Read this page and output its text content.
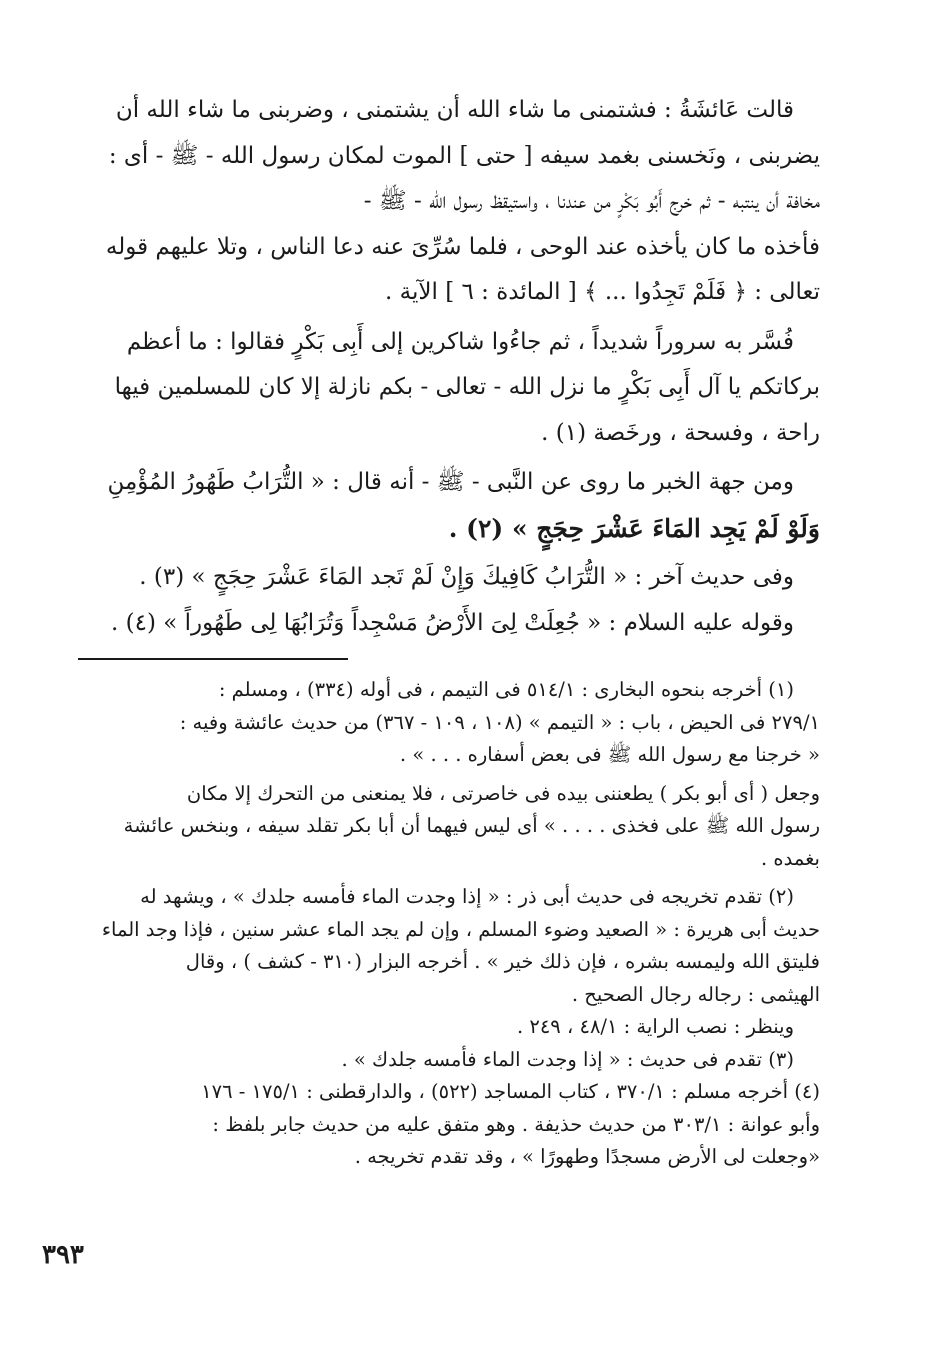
قالت عَائشَةُ : فشتمنى ما شاء الله أن يشتمنى ، وضربنى ما شاء الله أن

يضربنى ، ونَخسنى بغمد سيفه [ حتى ] الموت لمكان رسول الله - ﷺ - أى :

مخافة أن ينتبه - ثم خرج أَبُو بَكْرٍ من عندنا ، واستيقظ رسول الله - ﷺ -

فأخذه ما كان يأخذه عند الوحى ، فلما سُرِّىَ عنه دعا الناس ، وتلا عليهم قوله

تعالى : ﴿ فَلَمْ تَجِدُوا ... ﴾ [ المائدة : ٦ ] الآية .

فُسَّر به سروراً شديداً ، ثم جاءُوا شاكرين إلى أَبِى بَكْرٍ فقالوا : ما أعظم

بركاتكم يا آل أَبِى بَكْرٍ ما نزل الله - تعالى - بكم نازلة إلا كان للمسلمين فيها

راحة ، وفسحة ، ورخَصة (١) .

ومن جهة الخبر ما روى عن النَّبى - ﷺ - أنه قال : « التُّرَابُ طَهُورُ المُؤْمِنِ

وَلَوْ لَمْ يَجِد المَاءَ عَشْرَ حِجَجٍ » (٢) .

وفى حديث آخر : « التُّرَابُ كَافِيكَ وَإِنْ لَمْ تَجد المَاءَ عَشْرَ حِجَجٍ » (٣) .

وقوله عليه السلام : « جُعِلَتْ لِىَ الأَرْضُ مَسْجِداً وَتُرَابُهَا لِى طَهُوراً » (٤) .

(١) أخرجه بنحوه البخارى : ٥١٤/١ فى التيمم ، فى أوله (٣٣٤) ، ومسلم :

٢٧٩/١ فى الحيض ، باب : « التيمم » (١٠٨ ، ١٠٩ - ٣٦٧) من حديث عائشة وفيه :

« خرجنا مع رسول الله ﷺ فى بعض أسفاره . . . » .

وجعل ( أى أبو بكر ) يطعننى بيده فى خاصرتى ، فلا يمنعنى من التحرك إلا مكان

رسول الله ﷺ على فخذى . . . . » أى ليس فيهما أن أبا بكر تقلد سيفه ، وبنخس عائشة

بغمده .

(٢) تقدم تخريجه فى حديث أبى ذر : « إذا وجدت الماء فأمسه جلدك » ، ويشهد له

حديث أبى هريرة : « الصعيد وضوء المسلم ، وإن لم يجد الماء عشر سنين ، فإذا وجد الماء

فليتق الله وليمسه بشره ، فإن ذلك خير » . أخرجه البزار (٣١٠ - كشف ) ، وقال

الهيثمى : رجاله رجال الصحيح .

وينظر : نصب الراية : ٤٨/١ ، ٢٤٩ .

(٣) تقدم فى حديث : « إذا وجدت الماء فأمسه جلدك » .

(٤) أخرجه مسلم : ٣٧٠/١ ، كتاب المساجد (٥٢٢) ، والدارقطنى : ١٧٥/١ - ١٧٦

وأبو عوانة : ٣٠٣/١ من حديث حذيفة . وهو متفق عليه من حديث جابر بلفظ :

«وجعلت لى الأرض مسجدًا وطهورًا » ، وقد تقدم تخريجه .

٣٩٣
